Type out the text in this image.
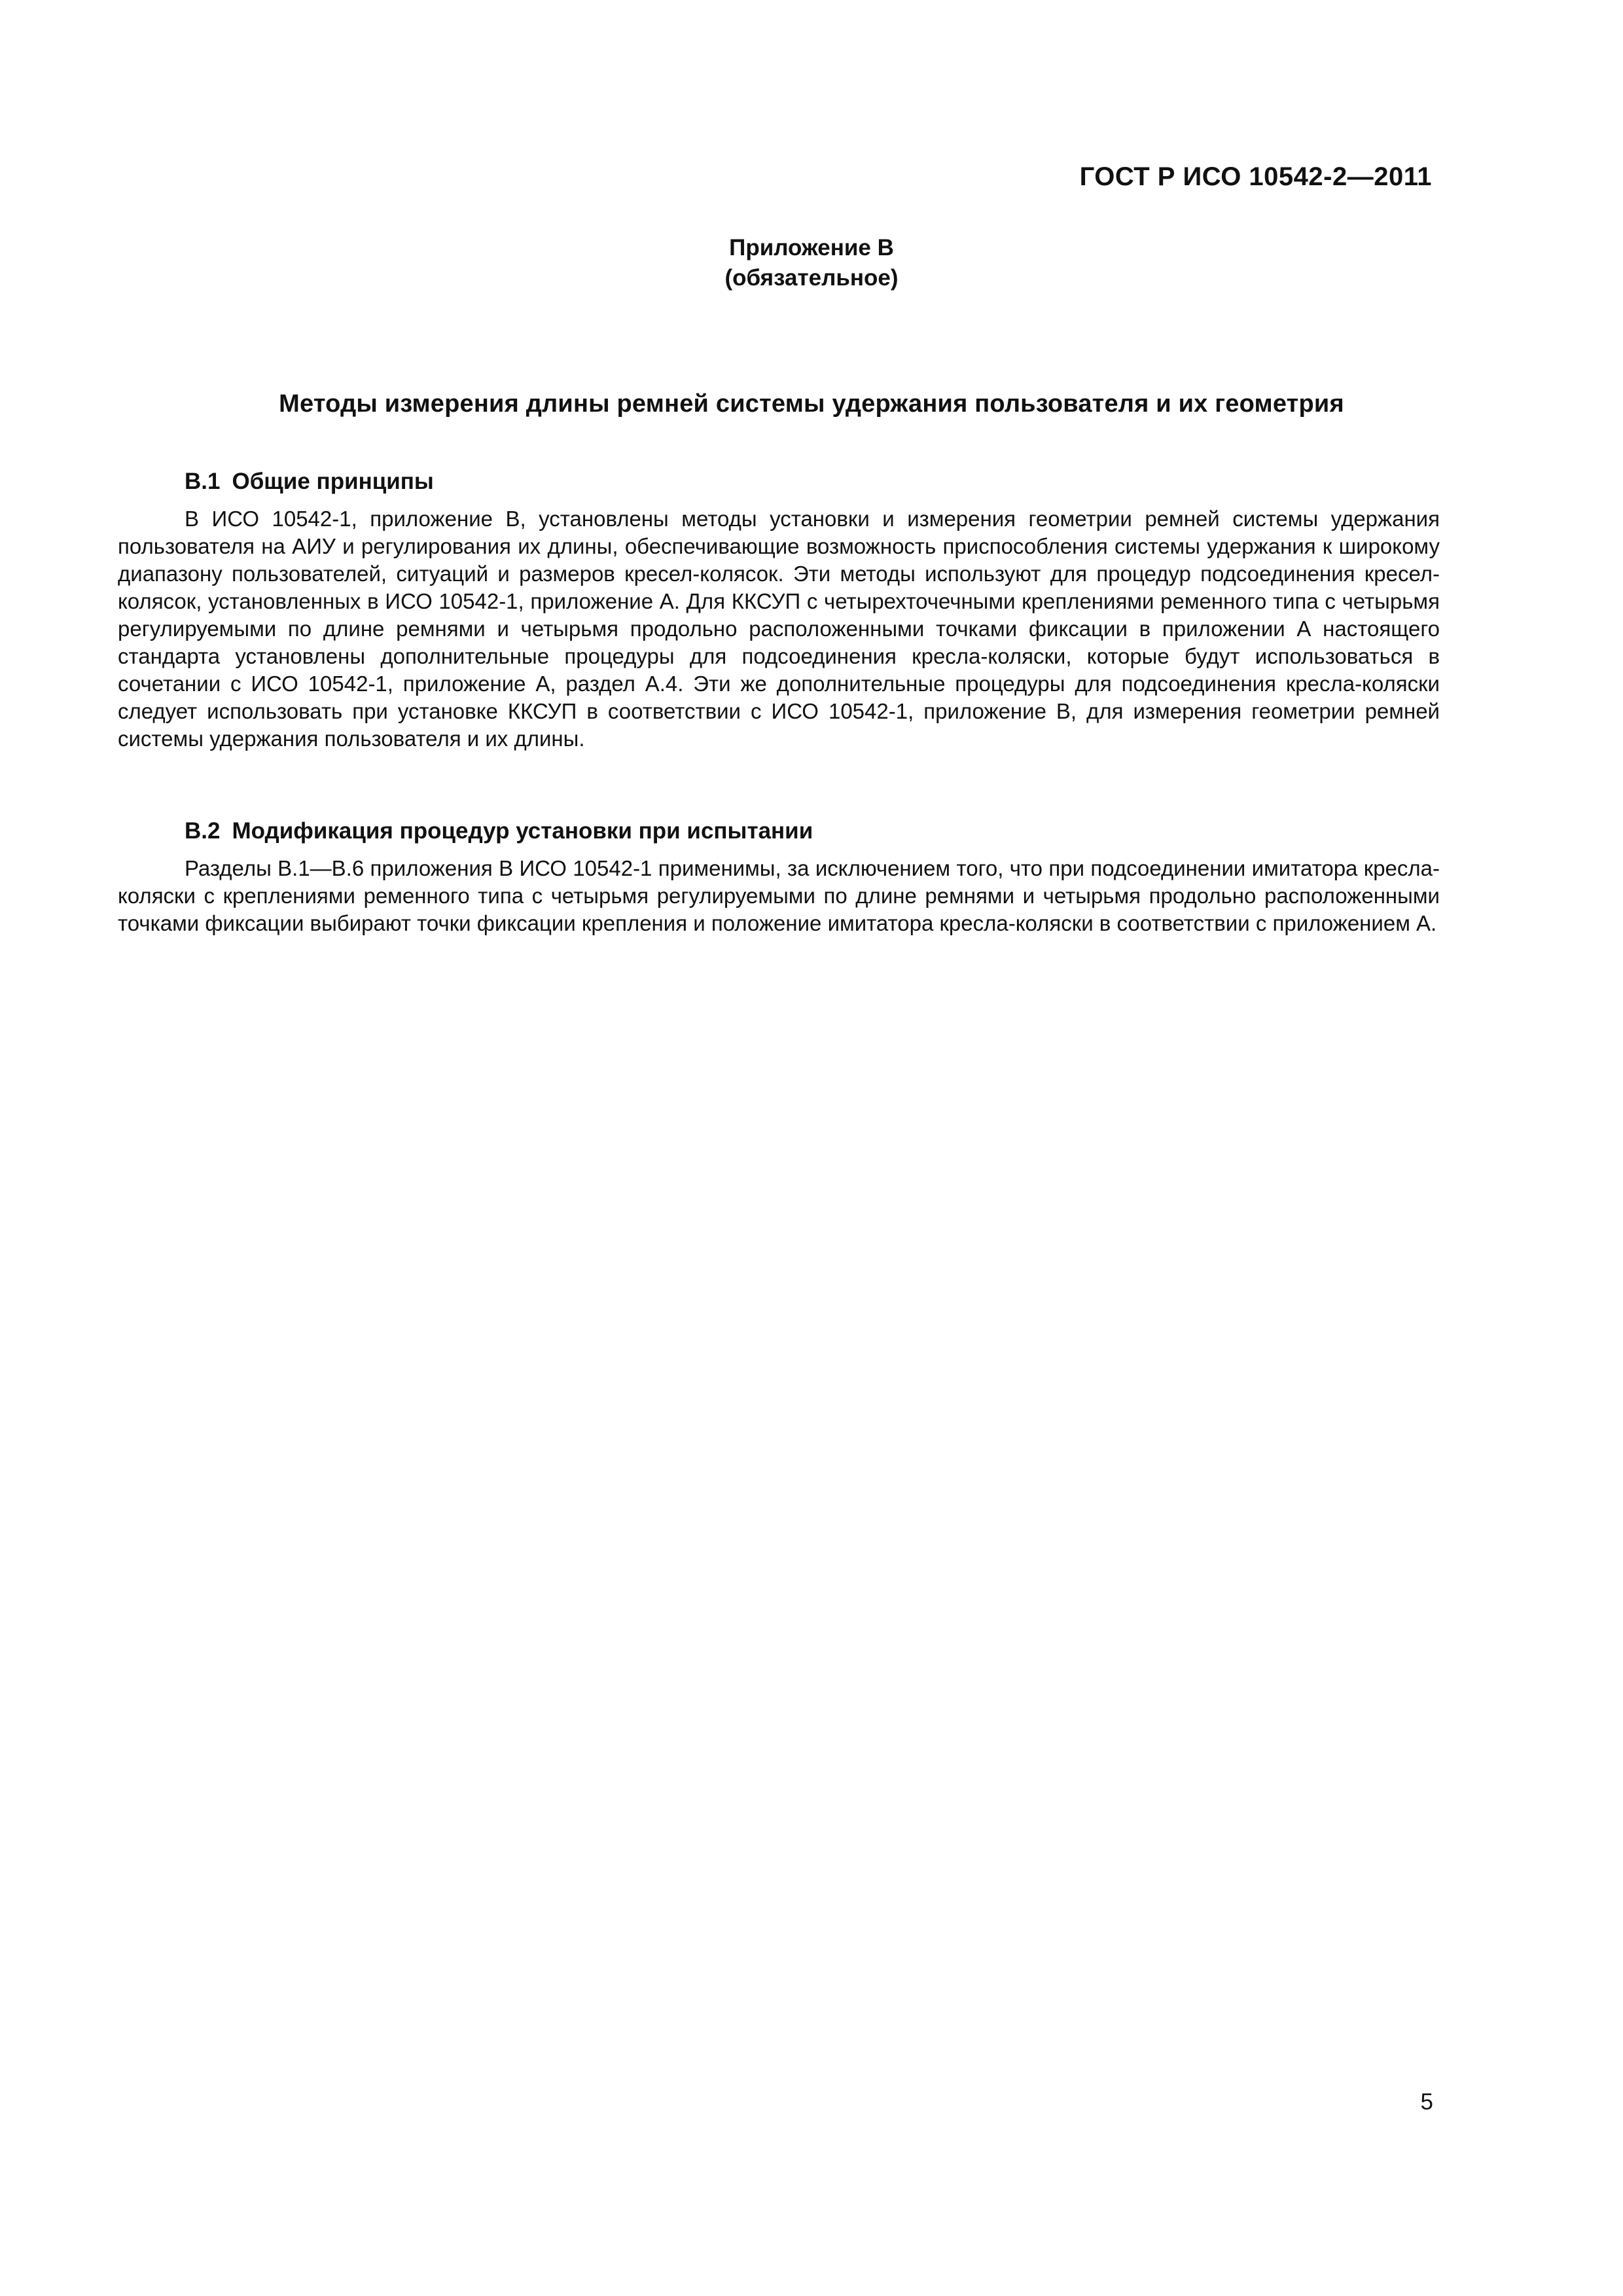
ГОСТ Р ИСО 10542-2—2011
Приложение В
(обязательное)
Методы измерения длины ремней системы удержания пользователя и их геометрия
В.1 Общие принципы

В ИСО 10542-1, приложение В, установлены методы установки и измерения геометрии ремней системы удержания пользователя на АИУ и регулирования их длины, обеспечивающие возможность приспособления системы удержания к широкому диапазону пользователей, ситуаций и размеров кресел-колясок. Эти методы используют для процедур подсоединения кресел-колясок, установленных в ИСО 10542-1, приложение А. Для ККСУП с четырехточечными креплениями ременного типа с четырьмя регулируемыми по длине ремнями и четырьмя продольно расположенными точками фиксации в приложении А настоящего стандарта установлены дополнительные процедуры для подсоединения кресла-коляски, которые будут использоваться в сочетании с ИСО 10542-1, приложение А, раздел А.4. Эти же дополнительные процедуры для подсоединения кресла-коляски следует использовать при установке ККСУП в соответствии с ИСО 10542-1, приложение В, для измерения геометрии ремней системы удержания пользователя и их длины.

В.2 Модификация процедур установки при испытании

Разделы В.1—В.6 приложения В ИСО 10542-1 применимы, за исключением того, что при подсоединении имитатора кресла-коляски с креплениями ременного типа с четырьмя регулируемыми по длине ремнями и четырьмя продольно расположенными точками фиксации выбирают точки фиксации крепления и положение имитатора кресла-коляски в соответствии с приложением А.

5
